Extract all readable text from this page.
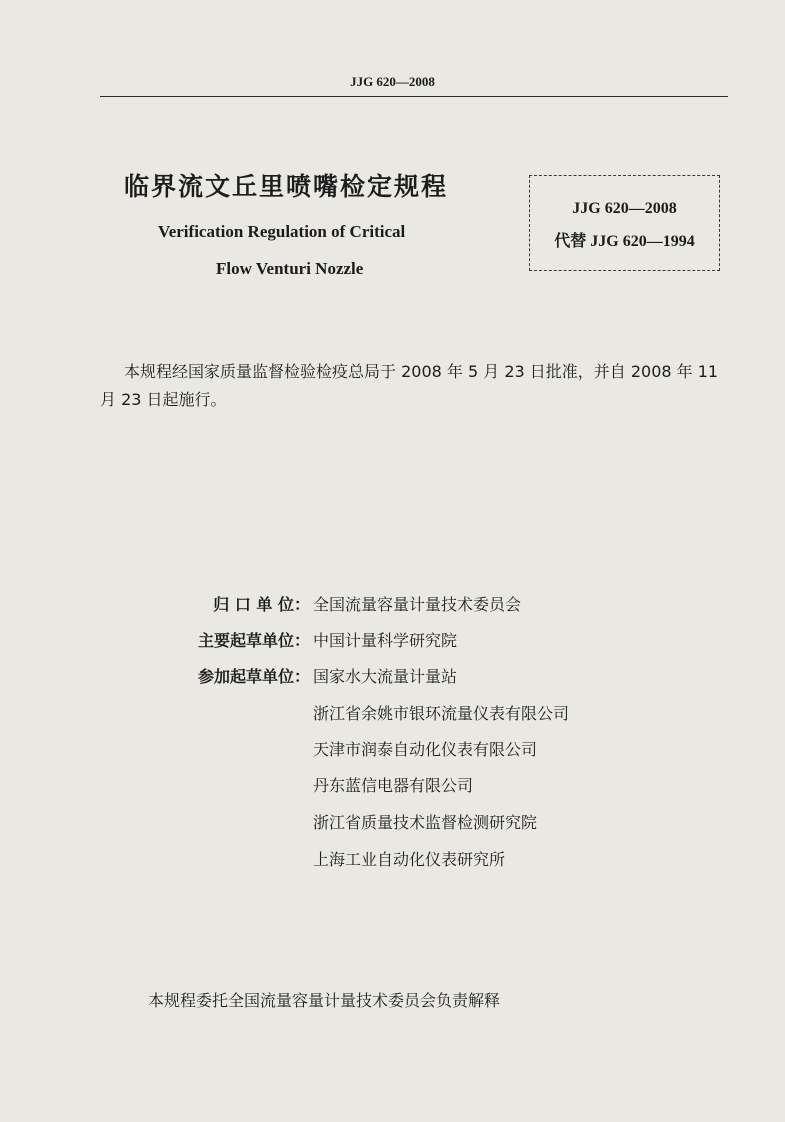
JJG 620—2008
临界流文丘里喷嘴检定规程
Verification Regulation of Critical
Flow Venturi Nozzle
JJG 620—2008
代替 JJG 620—1994
本规程经国家质量监督检验检疫总局于 2008 年 5 月 23 日批准，并自 2008 年 11 月 23 日起施行。
归 口 单 位： 全国流量容量计量技术委员会
主要起草单位： 中国计量科学研究院
参加起草单位： 国家水大流量计量站
浙江省余姚市银环流量仪表有限公司
天津市润泰自动化仪表有限公司
丹东蓝信电器有限公司
浙江省质量技术监督检测研究院
上海工业自动化仪表研究所
本规程委托全国流量容量计量技术委员会负责解释
